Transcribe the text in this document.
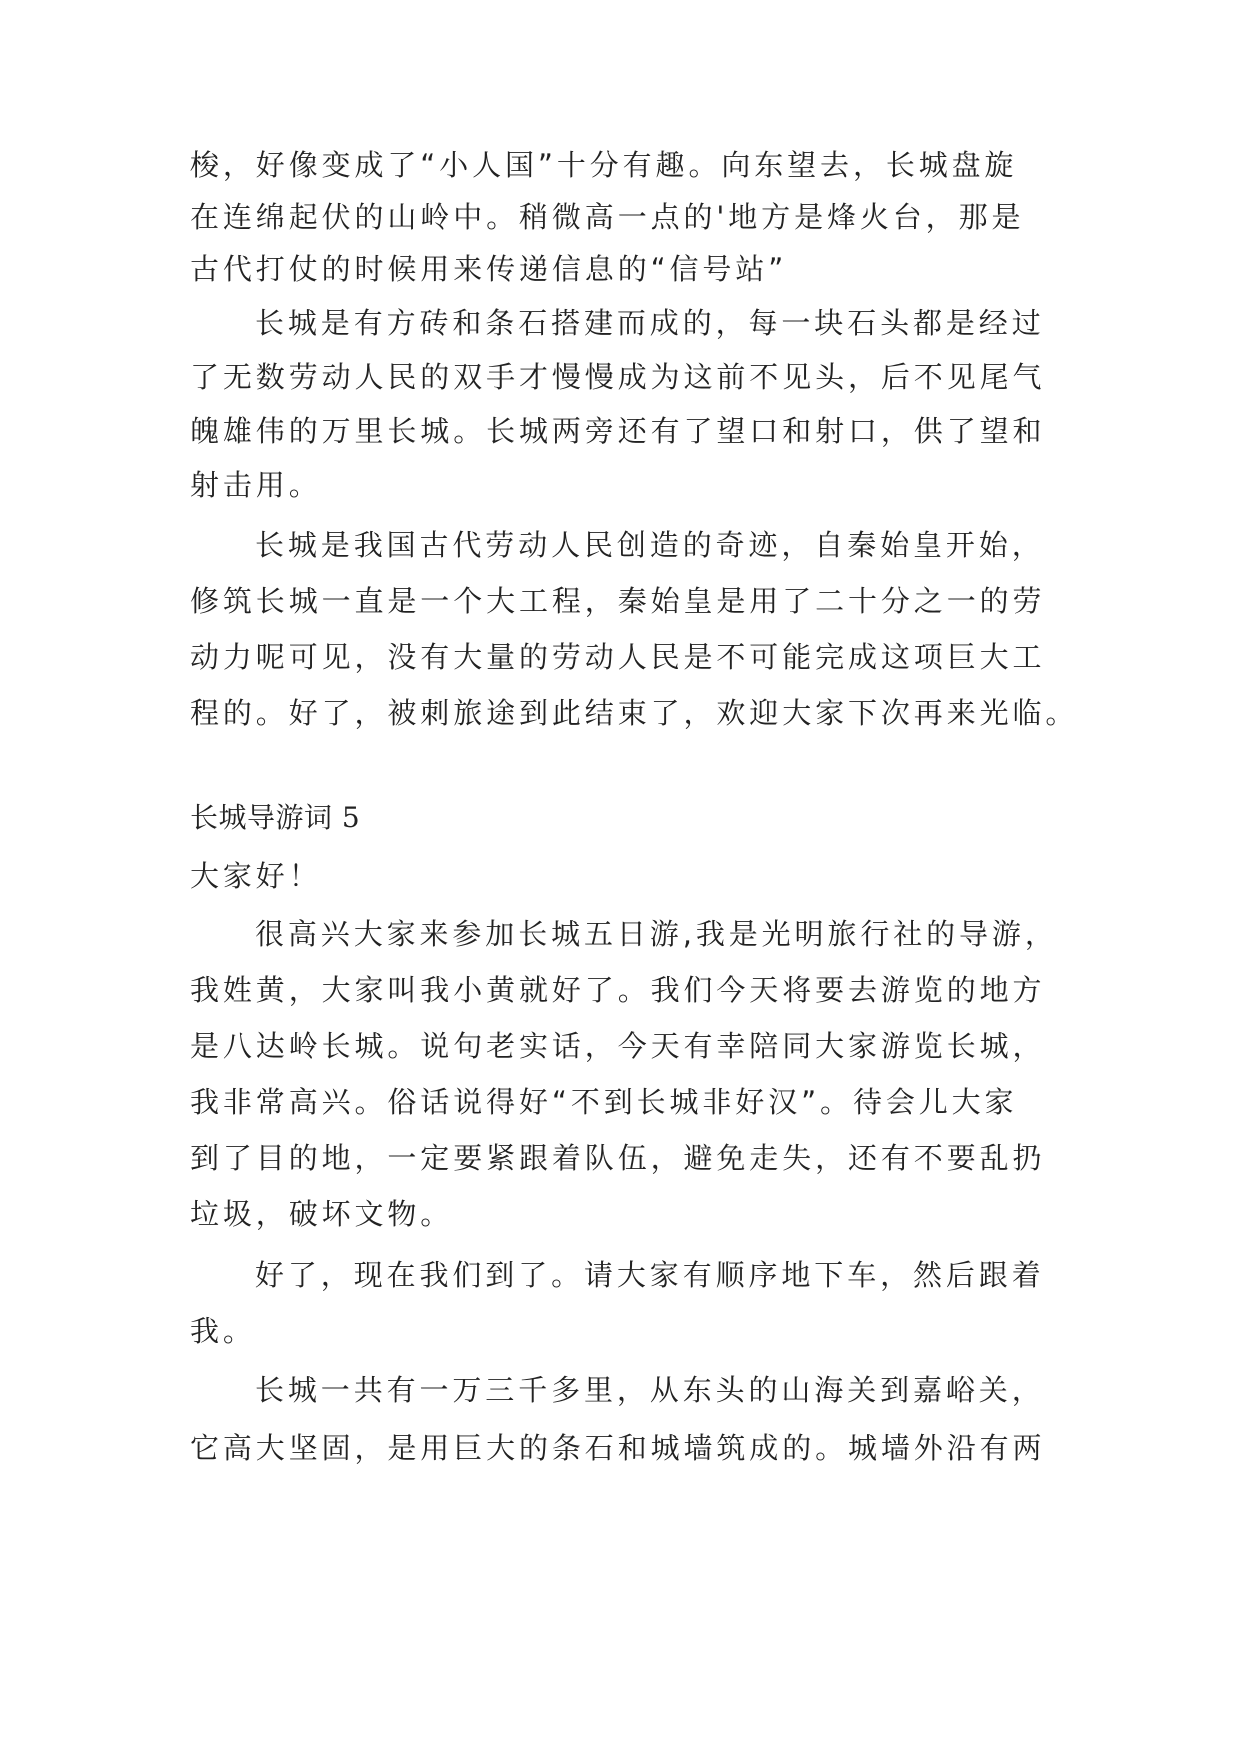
梭，好像变成了“小人国”十分有趣。向东望去，长城盘旋
在连绵起伏的山岭中。稍微高一点的'地方是烽火台，那是
古代打仗的时候用来传递信息的“信号站”
长城是有方砖和条石搭建而成的，每一块石头都是经过
了无数劳动人民的双手才慢慢成为这前不见头，后不见尾气
魄雄伟的万里长城。长城两旁还有了望口和射口，供了望和
射击用。
长城是我国古代劳动人民创造的奇迹，自秦始皇开始，
修筑长城一直是一个大工程，秦始皇是用了二十分之一的劳
动力呢可见，没有大量的劳动人民是不可能完成这项巨大工
程的。好了，被刺旅途到此结束了，欢迎大家下次再来光临。
长城导游词 5
大家好！
很高兴大家来参加长城五日游,我是光明旅行社的导游，
我姓黄，大家叫我小黄就好了。我们今天将要去游览的地方
是八达岭长城。说句老实话，今天有幸陪同大家游览长城，
我非常高兴。俗话说得好“不到长城非好汉”。待会儿大家
到了目的地，一定要紧跟着队伍，避免走失，还有不要乱扔
垃圾，破坏文物。
好了，现在我们到了。请大家有顺序地下车，然后跟着
我。
长城一共有一万三千多里，从东头的山海关到嘉峪关，
它高大坚固，是用巨大的条石和城墙筑成的。城墙外沿有两
